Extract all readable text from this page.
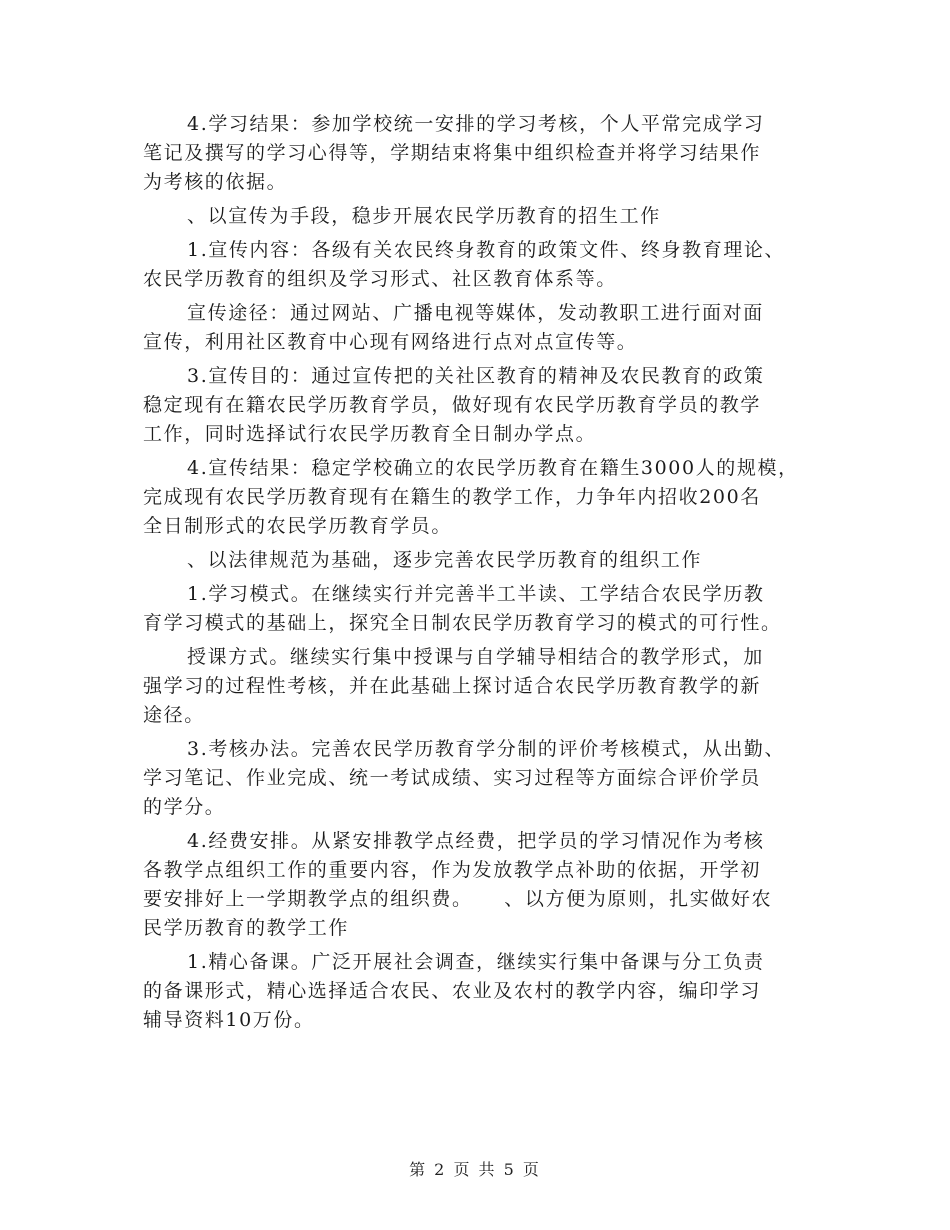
4.学习结果：参加学校统一安排的学习考核，个人平常完成学习
笔记及撰写的学习心得等，学期结束将集中组织检查并将学习结果作
为考核的依据。

、以宣传为手段，稳步开展农民学历教育的招生工作

1.宣传内容：各级有关农民终身教育的政策文件、终身教育理论、
农民学历教育的组织及学习形式、社区教育体系等。

宣传途径：通过网站、广播电视等媒体，发动教职工进行面对面
宣传，利用社区教育中心现有网络进行点对点宣传等。

3.宣传目的：通过宣传把的关社区教育的精神及农民教育的政策
稳定现有在籍农民学历教育学员，做好现有农民学历教育学员的教学
工作，同时选择试行农民学历教育全日制办学点。

4.宣传结果：稳定学校确立的农民学历教育在籍生3000人的规模，
完成现有农民学历教育现有在籍生的教学工作，力争年内招收200名
全日制形式的农民学历教育学员。

、以法律规范为基础，逐步完善农民学历教育的组织工作

1.学习模式。在继续实行并完善半工半读、工学结合农民学历教
育学习模式的基础上，探究全日制农民学历教育学习的模式的可行性。

授课方式。继续实行集中授课与自学辅导相结合的教学形式，加
强学习的过程性考核，并在此基础上探讨适合农民学历教育教学的新
途径。

3.考核办法。完善农民学历教育学分制的评价考核模式，从出勤、
学习笔记、作业完成、统一考试成绩、实习过程等方面综合评价学员
的学分。

4.经费安排。从紧安排教学点经费，把学员的学习情况作为考核
各教学点组织工作的重要内容，作为发放教学点补助的依据，开学初
要安排好上一学期教学点的组织费。　　、以方便为原则，扎实做好农
民学历教育的教学工作

1.精心备课。广泛开展社会调查，继续实行集中备课与分工负责
的备课形式，精心选择适合农民、农业及农村的教学内容，编印学习
辅导资料10万份。

第 2 页 共 5 页
